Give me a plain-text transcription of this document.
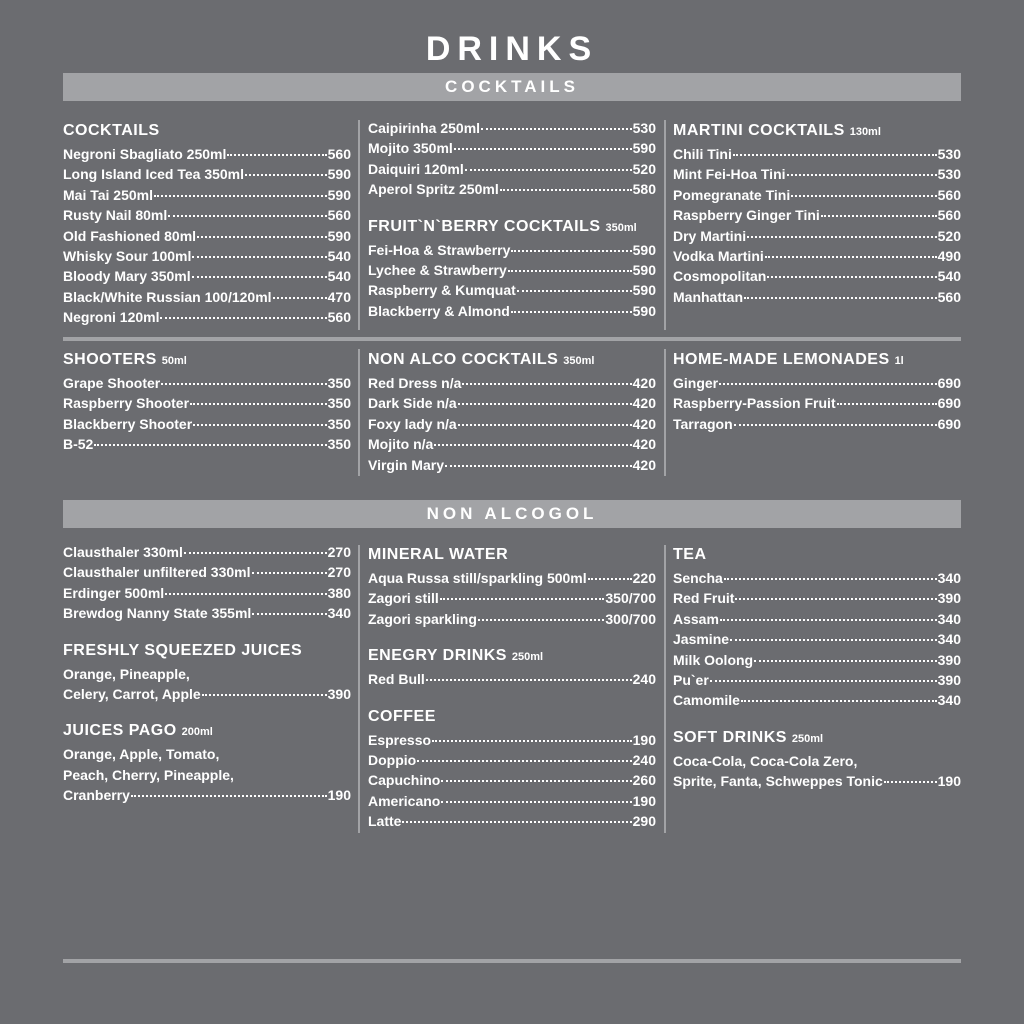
DRINKS
COCKTAILS
COCKTAILS
Negroni Sbagliato 250ml	560
Long Island Iced Tea 350ml	590
Mai Tai 250ml	590
Rusty Nail 80ml	560
Old Fashioned 80ml	590
Whisky Sour 100ml	540
Bloody Mary 350ml	540
Black/White Russian 100/120ml	470
Negroni 120ml	560
Caipirinha 250ml	530
Mojito 350ml	590
Daiquiri 120ml	520
Aperol Spritz 250ml	580
FRUIT`N`BERRY COCKTAILS 350ml
Fei-Hoa & Strawberry	590
Lychee & Strawberry	590
Raspberry & Kumquat	590
Blackberry & Almond	590
MARTINI COCKTAILS 130ml
Chili Tini	530
Mint Fei-Hoa Tini	530
Pomegranate Tini	560
Raspberry Ginger Tini	560
Dry Martini	520
Vodka Martini	490
Cosmopolitan	540
Manhattan	560
SHOOTERS 50ml
Grape Shooter	350
Raspberry Shooter	350
Blackberry Shooter	350
B-52	350
NON ALCO COCKTAILS 350ml
Red Dress n/a	420
Dark Side n/a	420
Foxy lady n/a	420
Mojito n/a	420
Virgin Mary	420
HOME-MADE LEMONADES 1l
Ginger	690
Raspberry-Passion Fruit	690
Tarragon	690
NON ALCOGOL
Clausthaler 330ml	270
Clausthaler unfiltered 330ml	270
Erdinger 500ml	380
Brewdog Nanny State 355ml	340
FRESHLY SQUEEZED JUICES
Orange, Pineapple,
Celery, Carrot, Apple	390
JUICES PAGO 200ml
Orange, Apple, Tomato,
Peach, Cherry, Pineapple,
Cranberry	190
MINERAL WATER
Aqua Russa still/sparkling 500ml	220
Zagori still	350/700
Zagori sparkling	300/700
ENEGRY DRINKS 250ml
Red Bull	240
COFFEE
Espresso	190
Doppio	240
Capuchino	260
Americano	190
Latte	290
TEA
Sencha	340
Red Fruit	390
Assam	340
Jasmine	340
Milk Oolong	390
Pu`er	390
Camomile	340
SOFT DRINKS 250ml
Coca-Cola, Coca-Cola Zero,
Sprite, Fanta, Schweppes Tonic	190
